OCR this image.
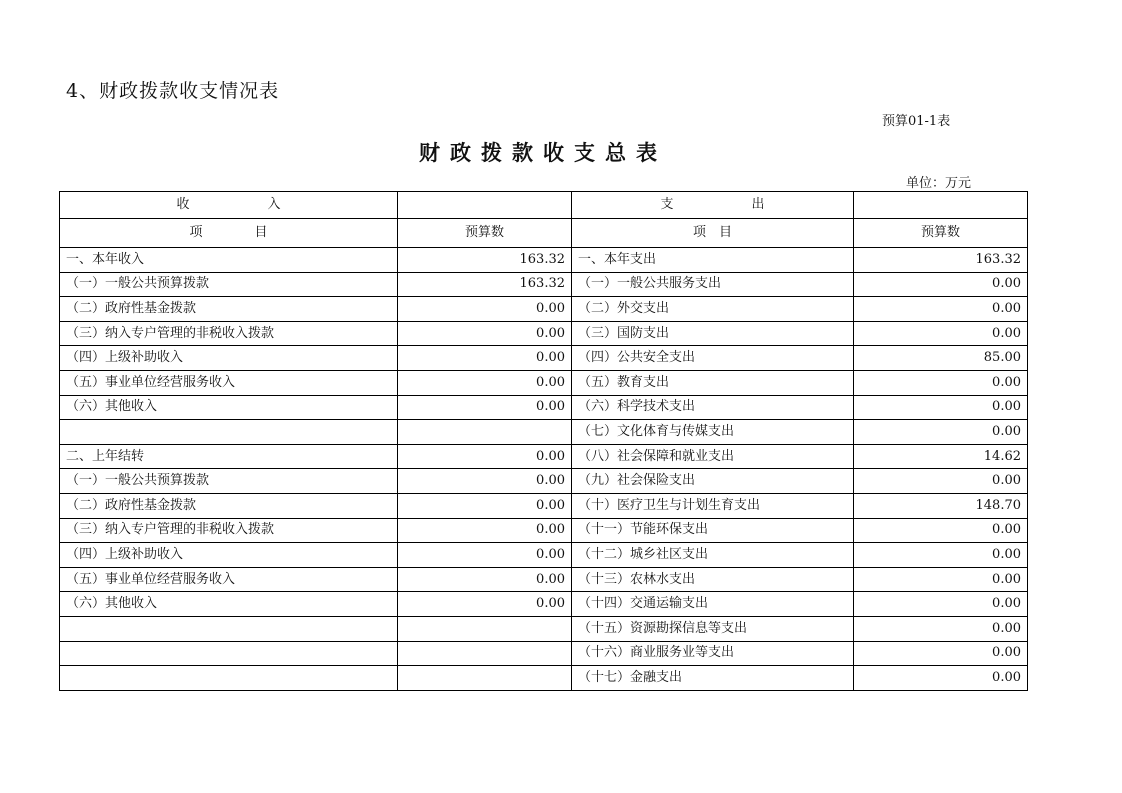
4、财政拨款收支情况表
预算01-1表
财政拨款收支总表
单位：万元
收　　　　　　入		支　　　　　　出	
项　　　　目	预算数	项　目	预算数
一、本年收入	163.32	一、本年支出	163.32
（一）一般公共预算拨款	163.32	（一）一般公共服务支出	0.00
（二）政府性基金拨款	0.00	（二）外交支出	0.00
（三）纳入专户管理的非税收入拨款	0.00	（三）国防支出	0.00
（四）上级补助收入	0.00	（四）公共安全支出	85.00
（五）事业单位经营服务收入	0.00	（五）教育支出	0.00
（六）其他收入	0.00	（六）科学技术支出	0.00
		（七）文化体育与传媒支出	0.00
二、上年结转	0.00	（八）社会保障和就业支出	14.62
（一）一般公共预算拨款	0.00	（九）社会保险支出	0.00
（二）政府性基金拨款	0.00	（十）医疗卫生与计划生育支出	148.70
（三）纳入专户管理的非税收入拨款	0.00	（十一）节能环保支出	0.00
（四）上级补助收入	0.00	（十二）城乡社区支出	0.00
（五）事业单位经营服务收入	0.00	（十三）农林水支出	0.00
（六）其他收入	0.00	（十四）交通运输支出	0.00
		（十五）资源勘探信息等支出	0.00
		（十六）商业服务业等支出	0.00
		（十七）金融支出	0.00
